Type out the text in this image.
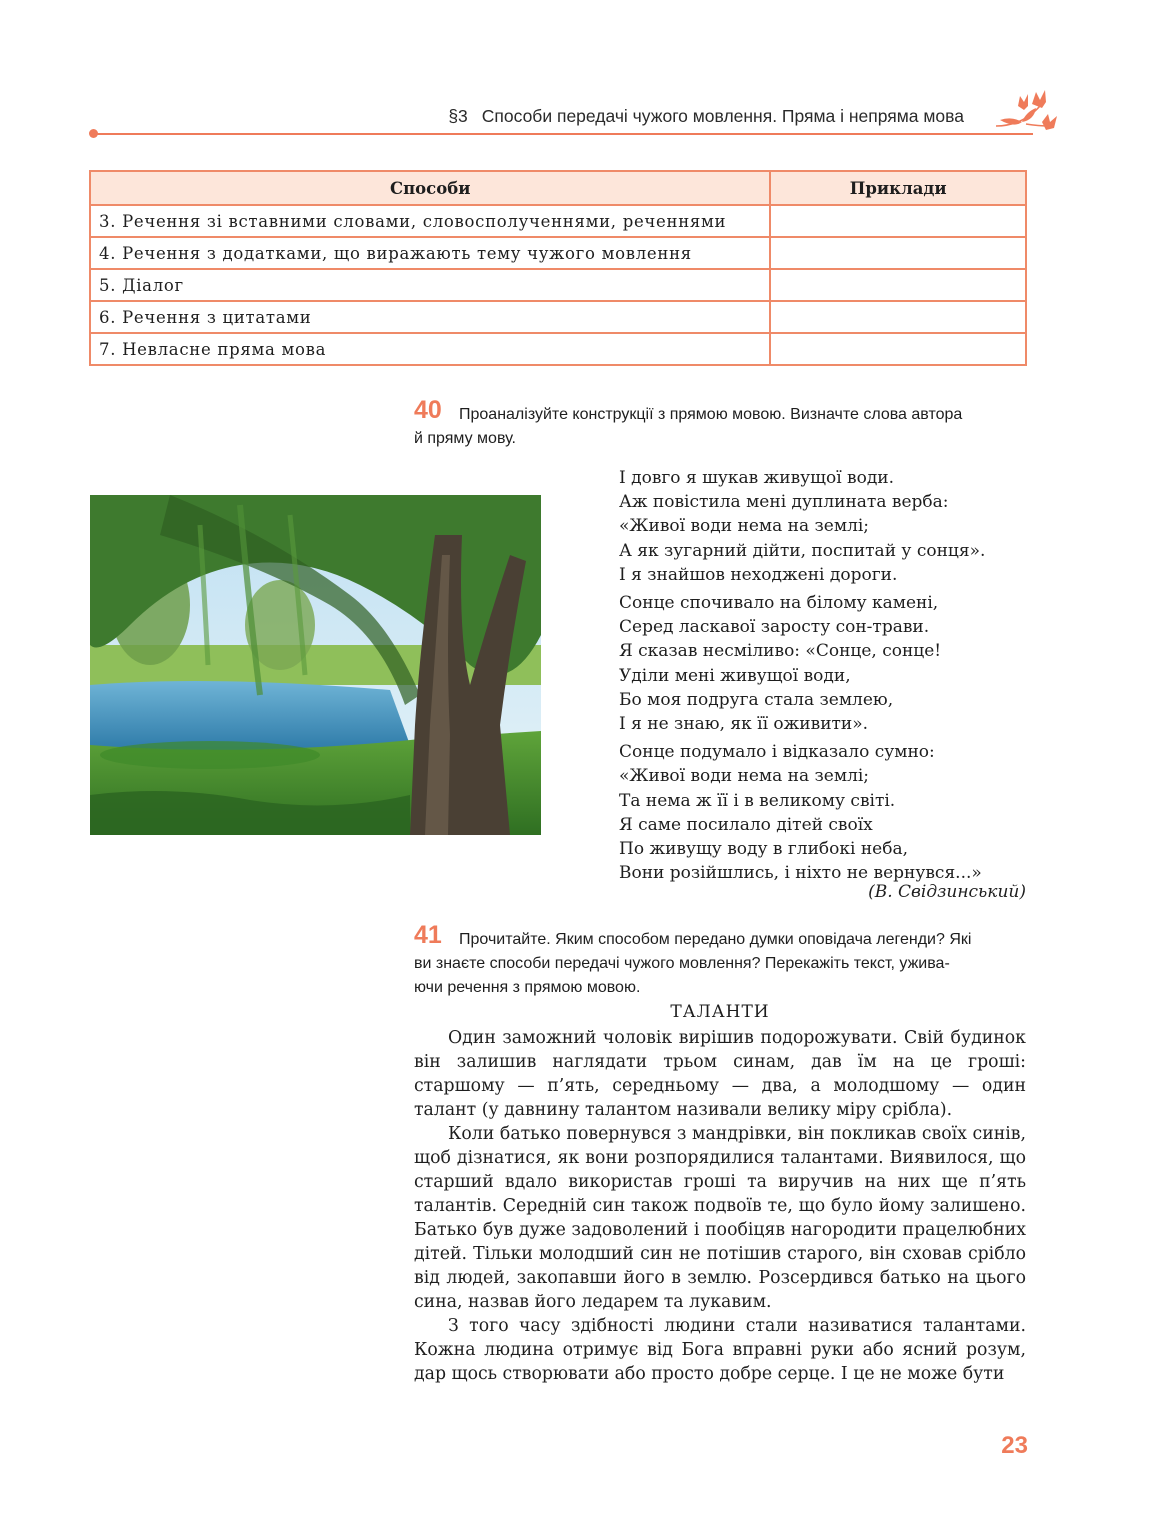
§3 Способи передачі чужого мовлення. Пряма і непряма мова
Способи	Приклади
3. Речення зі вставними словами, словосполученнями, реченнями	
4. Речення з додатками, що виражають тему чужого мовлення	
5. Діалог	
6. Речення з цитатами	
7. Невласне пряма мова	
40 Проаналізуйте конструкції з прямою мовою. Визначте слова автора
й пряму мову.
І довго я шукав живущої води.
Аж повістила мені дуплината верба:
«Живої води нема на землі;
А як зугарний дійти, поспитай у сонця».
І я знайшов неходжені дороги.
Сонце спочивало на білому камені,
Серед ласкавої заросту сон-трави.
Я сказав несміливо: «Сонце, сонце!
Уділи мені живущої води,
Бо моя подруга стала землею,
І я не знаю, як її оживити».
Сонце подумало і відказало сумно:
«Живої води нема на землі;
Та нема ж її і в великому світі.
Я саме посилало дітей своїх
По живущу воду в глибокі неба,
Вони розійшлись, і ніхто не вернувся...»
(В. Свідзинський)
41 Прочитайте. Яким способом передано думки оповідача легенди? Які
ви знаєте способи передачі чужого мовлення? Перекажіть текст, ужива-
ючи речення з прямою мовою.
ТАЛАНТИ

Один заможний чоловік вирішив подорожувати. Свій будинок він залишив наглядати трьом синам, дав їм на це гроші: старшому — п’ять, середньому — два, а молодшому — один талант (у давнину талантом називали велику міру срібла).

Коли батько повернувся з мандрівки, він покликав своїх синів, щоб дізнатися, як вони розпорядилися талантами. Виявилося, що старший вдало використав гроші та виручив на них ще п’ять талантів. Середній син також подвоїв те, що було йому залишено. Батько був дуже задоволений і пообіцяв нагородити працелюбних дітей. Тільки молодший син не потішив старого, він сховав срібло від людей, закопавши його в землю. Розсердився батько на цього сина, назвав його ледарем та лукавим.

З того часу здібності людини стали називатися талантами. Кожна людина отримує від Бога вправні руки або ясний розум, дар щось створювати або просто добре серце. І це не може бути

23
